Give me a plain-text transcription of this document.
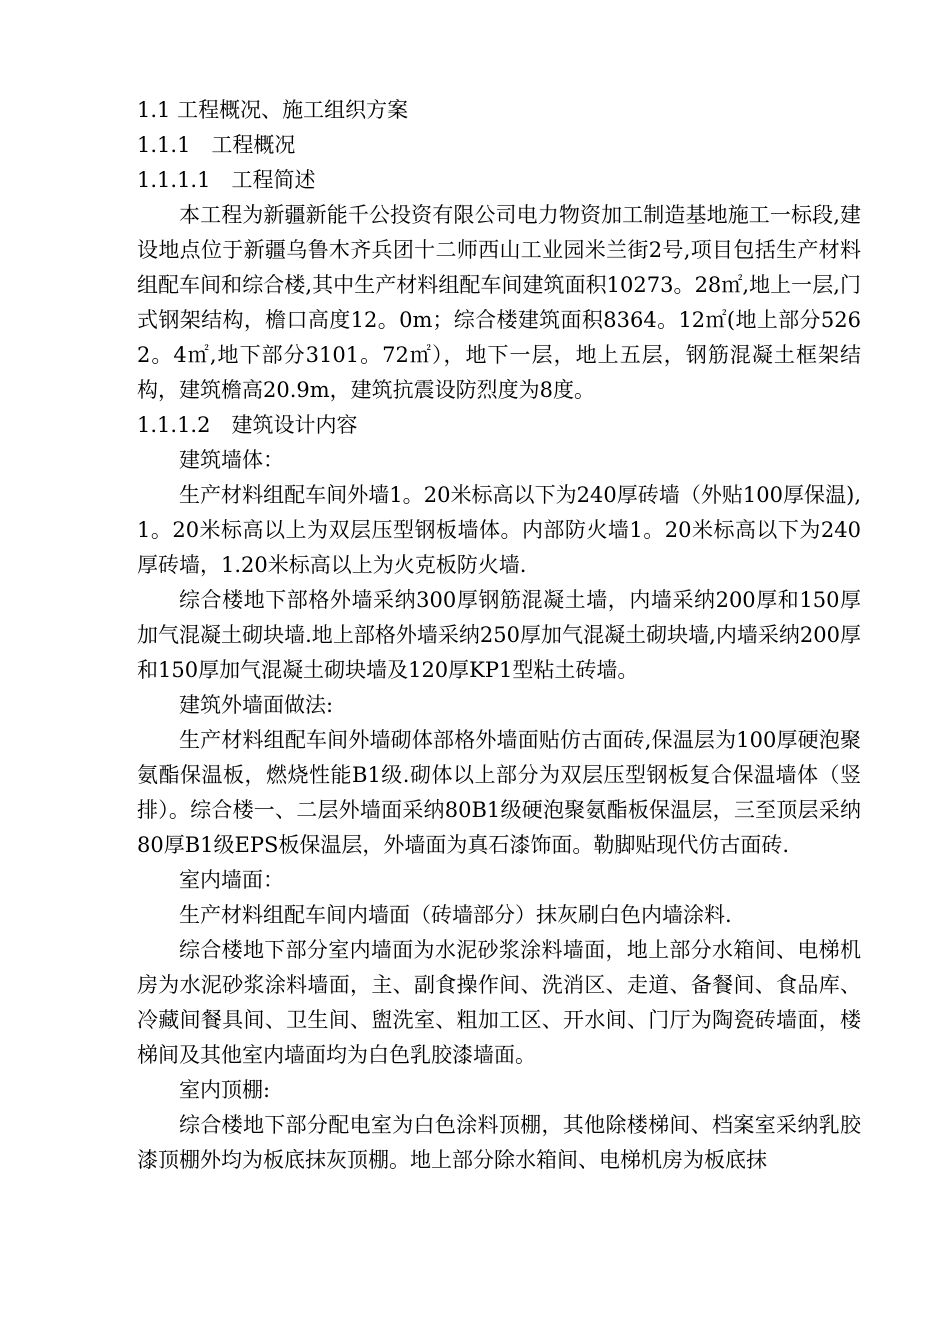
1.1 工程概况、施工组织方案

1.1.1　工程概况

1.1.1.1　工程简述

本工程为新疆新能千公投资有限公司电力物资加工制造基地施工一标段,建设地点位于新疆乌鲁木齐兵团十二师西山工业园米兰街2号,项目包括生产材料组配车间和综合楼,其中生产材料组配车间建筑面积10273。28㎡,地上一层,门式钢架结构，檐口高度12。0m；综合楼建筑面积8364。12㎡(地上部分5262。4㎡,地下部分3101。72㎡），地下一层，地上五层，钢筋混凝土框架结构，建筑檐高20.9m，建筑抗震设防烈度为8度。

1.1.1.2　建筑设计内容

建筑墙体：

生产材料组配车间外墙1。20米标高以下为240厚砖墙（外贴100厚保温),1。20米标高以上为双层压型钢板墙体。内部防火墙1。20米标高以下为240厚砖墙，1.20米标高以上为火克板防火墙.

综合楼地下部格外墙采纳300厚钢筋混凝土墙，内墙采纳200厚和150厚加气混凝土砌块墙.地上部格外墙采纳250厚加气混凝土砌块墙,内墙采纳200厚和150厚加气混凝土砌块墙及120厚KP1型粘土砖墙。

建筑外墙面做法:

生产材料组配车间外墙砌体部格外墙面贴仿古面砖,保温层为100厚硬泡聚氨酯保温板，燃烧性能B1级.砌体以上部分为双层压型钢板复合保温墙体（竖排）。综合楼一、二层外墙面采纳80B1级硬泡聚氨酯板保温层，三至顶层采纳80厚B1级EPS板保温层，外墙面为真石漆饰面。勒脚贴现代仿古面砖.

室内墙面：

生产材料组配车间内墙面（砖墙部分）抹灰刷白色内墙涂料.

综合楼地下部分室内墙面为水泥砂浆涂料墙面，地上部分水箱间、电梯机房为水泥砂浆涂料墙面，主、副食操作间、洗消区、走道、备餐间、食品库、冷藏间餐具间、卫生间、盥洗室、粗加工区、开水间、门厅为陶瓷砖墙面，楼梯间及其他室内墙面均为白色乳胶漆墙面。

室内顶棚:

综合楼地下部分配电室为白色涂料顶棚，其他除楼梯间、档案室采纳乳胶漆顶棚外均为板底抹灰顶棚。地上部分除水箱间、电梯机房为板底抹
